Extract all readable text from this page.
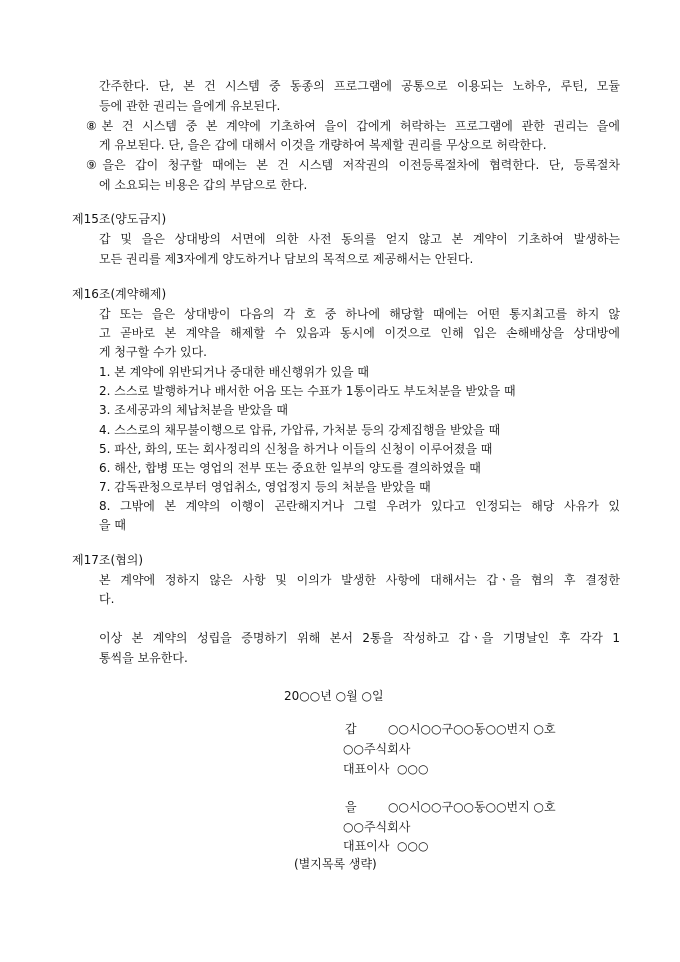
간주한다. 단, 본 건 시스템 중 동종의 프로그램에 공통으로 이용되는 노하우, 루틴, 모듈
등에 관한 권리는 을에게 유보된다.
⑧본 건 시스템 중 본 계약에 기초하여 을이 갑에게 허락하는 프로그램에 관한 권리는 을에
게 유보된다. 단, 을은 갑에 대해서 이것을 개량하여 복제할 권리를 무상으로 허락한다.
⑨을은 갑이 청구할 때에는 본 건 시스템 저작권의 이전등록절차에 협력한다. 단, 등록절차
에 소요되는 비용은 갑의 부담으로 한다.
제15조(양도금지)
갑 및 을은 상대방의 서면에 의한 사전 동의를 얻지 않고 본 계약이 기초하여 발생하는
모든 권리를 제3자에게 양도하거나 담보의 목적으로 제공해서는 안된다.
제16조(계약해제)
갑 또는 을은 상대방이 다음의 각 호 중 하나에 해당할 때에는 어떤 통지최고를 하지 않
고 곧바로 본 계약을 해제할 수 있음과 동시에 이것으로 인해 입은 손해배상을 상대방에
게 청구할 수가 있다.
1. 본 계약에 위반되거나 중대한 배신행위가 있을 때
2. 스스로 발행하거나 배서한 어음 또는 수표가 1통이라도 부도처분을 받았을 때
3. 조세공과의 체납처분을 받았을 때
4. 스스로의 채무불이행으로 압류, 가압류, 가처분 등의 강제집행을 받았을 때
5. 파산, 화의, 또는 회사정리의 신청을 하거나 이들의 신청이 이루어졌을 때
6. 해산, 합병 또는 영업의 전부 또는 중요한 일부의 양도를 결의하였을 때
7. 감독관청으로부터 영업취소, 영업정지 등의 처분을 받았을 때
8. 그밖에 본 계약의 이행이 곤란해지거나 그럴 우려가 있다고 인정되는 해당 사유가 있
을 때
제17조(협의)
본 계약에 정하지 않은 사항 및 이의가 발생한 사항에 대해서는 갑ㆍ을 협의 후 결정한
다.
이상 본 계약의 성립을 증명하기 위해 본서 2통을 작성하고 갑ㆍ을 기명날인 후 각각 1
통씩을 보유한다.
20○○년 ○월 ○일
갑	○○시○○구○○동○○번지 ○호
○○주식회사
대표이사  ○○○
을	○○시○○구○○동○○번지 ○호
○○주식회사
대표이사  ○○○
(별지목록 생략)
